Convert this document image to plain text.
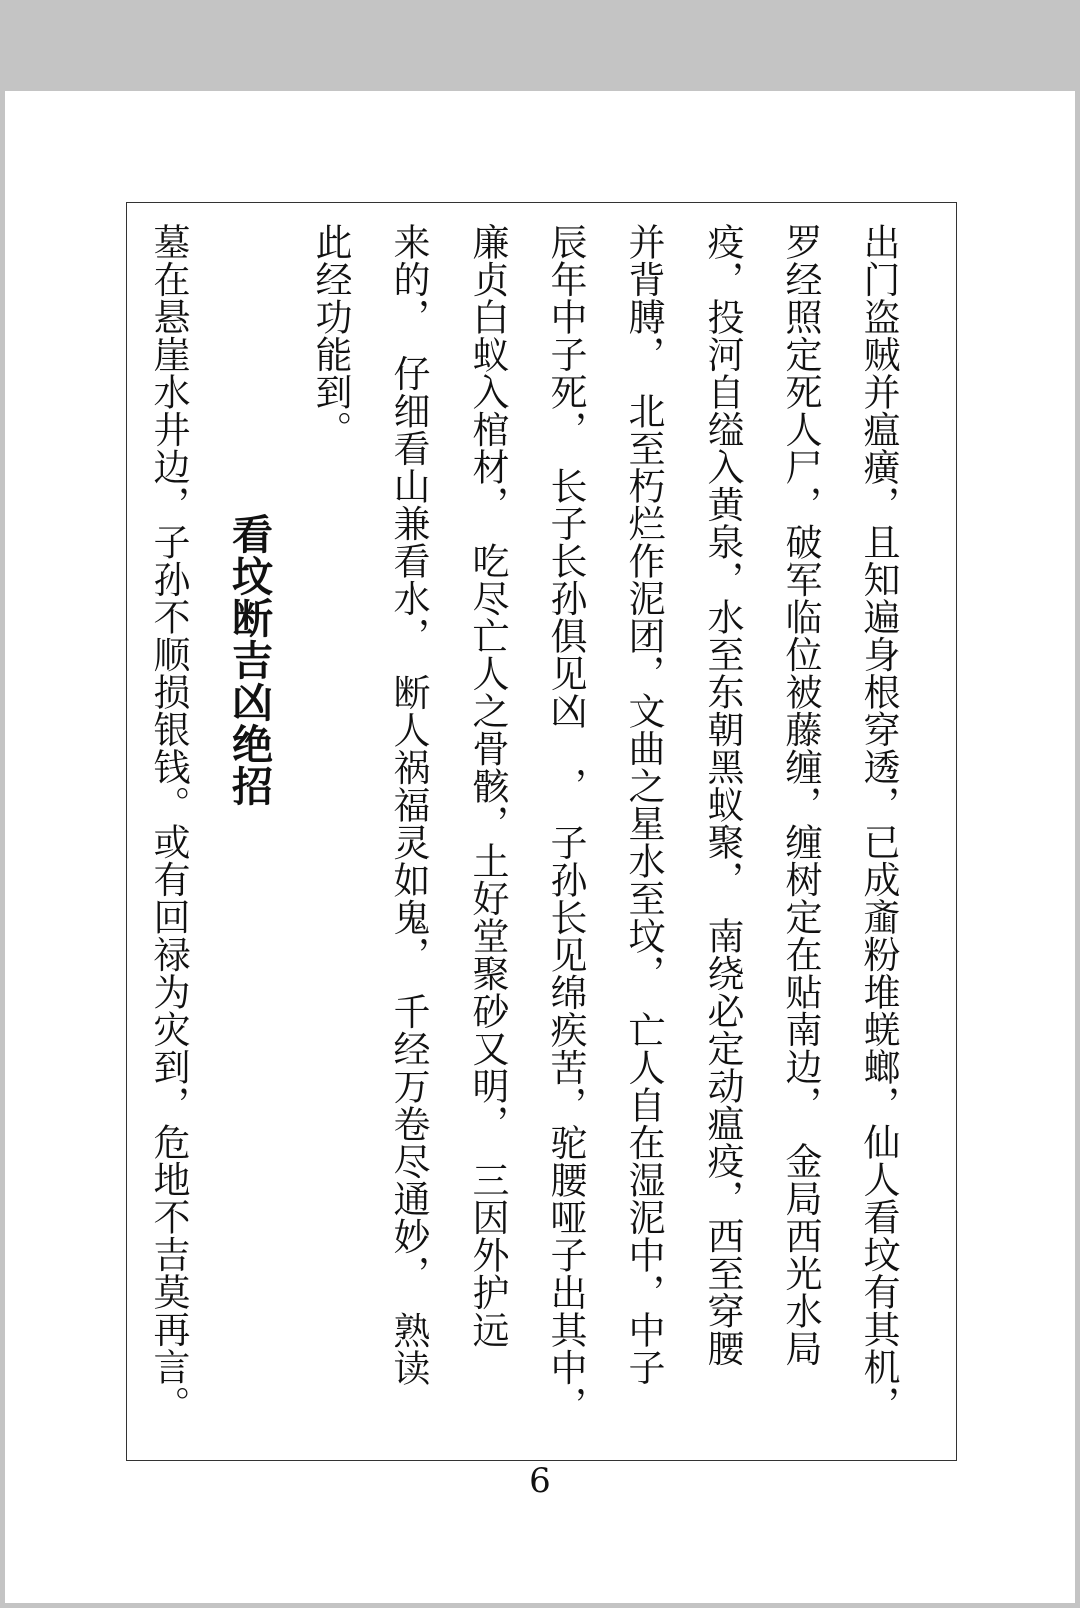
出门盗贼并瘟癀，且知遍身根穿透，已成齑粉堆蜣螂，仙人看坟有其机，
罗经照定死人尸，破军临位被藤缠，缠树定在贴南边，　金局西光水局
疫，投河自缢入黄泉，水至东朝黑蚁聚，　南绕必定动瘟疫，西至穿腰
并背膊，　北至朽烂作泥团，文曲之星水至坟，　亡人自在湿泥中，中子
辰年中子死，　长子长孙俱见凶　，　子孙长见绵疾苦，驼腰哑子出其中，
廉贞白蚁入棺材，　吃尽亡人之骨骸，土好堂聚砂又明，　三因外护远
来的，　仔细看山兼看水，　断人祸福灵如鬼，　千经万卷尽通妙，　熟读
此经功能到。
看坟断吉凶绝招
墓在悬崖水井边，子孙不顺损银钱。或有回禄为灾到，危地不吉莫再言。
6
